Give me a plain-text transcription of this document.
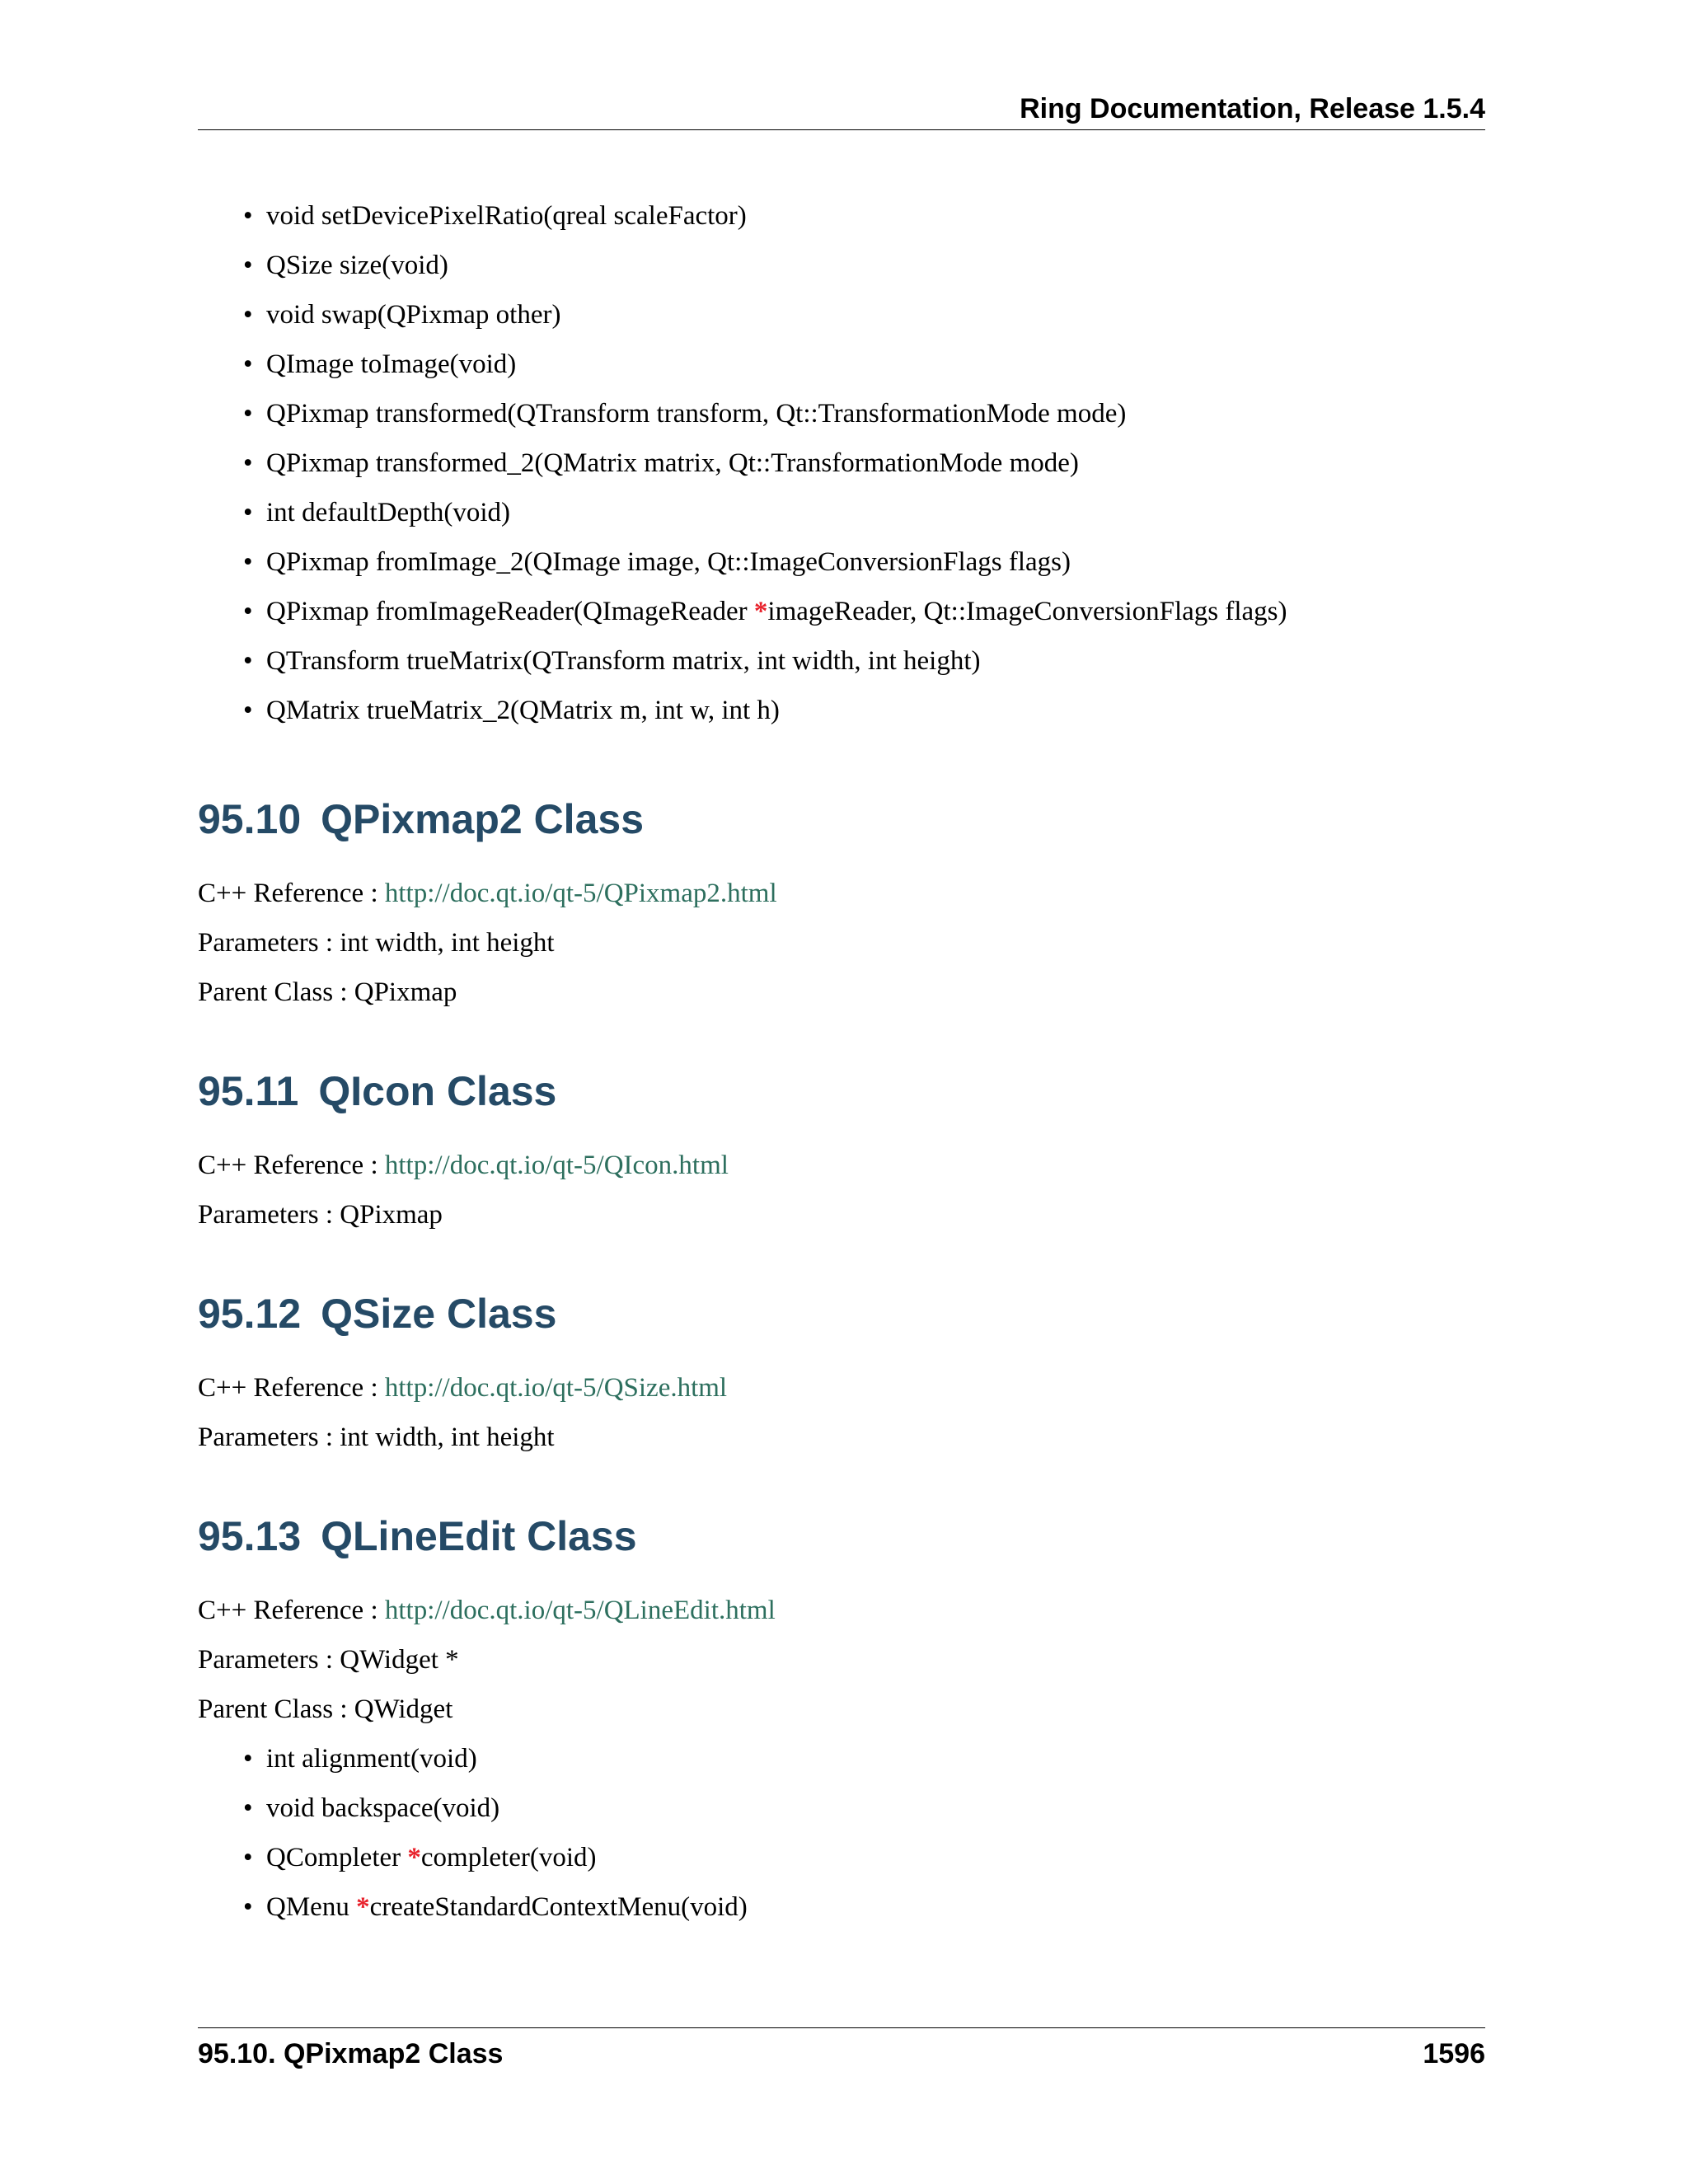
Ring Documentation, Release 1.5.4
• void setDevicePixelRatio(qreal scaleFactor)
• QSize size(void)
• void swap(QPixmap other)
• QImage toImage(void)
• QPixmap transformed(QTransform transform, Qt::TransformationMode mode)
• QPixmap transformed_2(QMatrix matrix, Qt::TransformationMode mode)
• int defaultDepth(void)
• QPixmap fromImage_2(QImage image, Qt::ImageConversionFlags flags)
• QPixmap fromImageReader(QImageReader *imageReader, Qt::ImageConversionFlags flags)
• QTransform trueMatrix(QTransform matrix, int width, int height)
• QMatrix trueMatrix_2(QMatrix m, int w, int h)
95.10 QPixmap2 Class
C++ Reference : http://doc.qt.io/qt-5/QPixmap2.html
Parameters : int width, int height
Parent Class : QPixmap
95.11 QIcon Class
C++ Reference : http://doc.qt.io/qt-5/QIcon.html
Parameters : QPixmap
95.12 QSize Class
C++ Reference : http://doc.qt.io/qt-5/QSize.html
Parameters : int width, int height
95.13 QLineEdit Class
C++ Reference : http://doc.qt.io/qt-5/QLineEdit.html
Parameters : QWidget *
Parent Class : QWidget
• int alignment(void)
• void backspace(void)
• QCompleter *completer(void)
• QMenu *createStandardContextMenu(void)
95.10. QPixmap2 Class	1596
